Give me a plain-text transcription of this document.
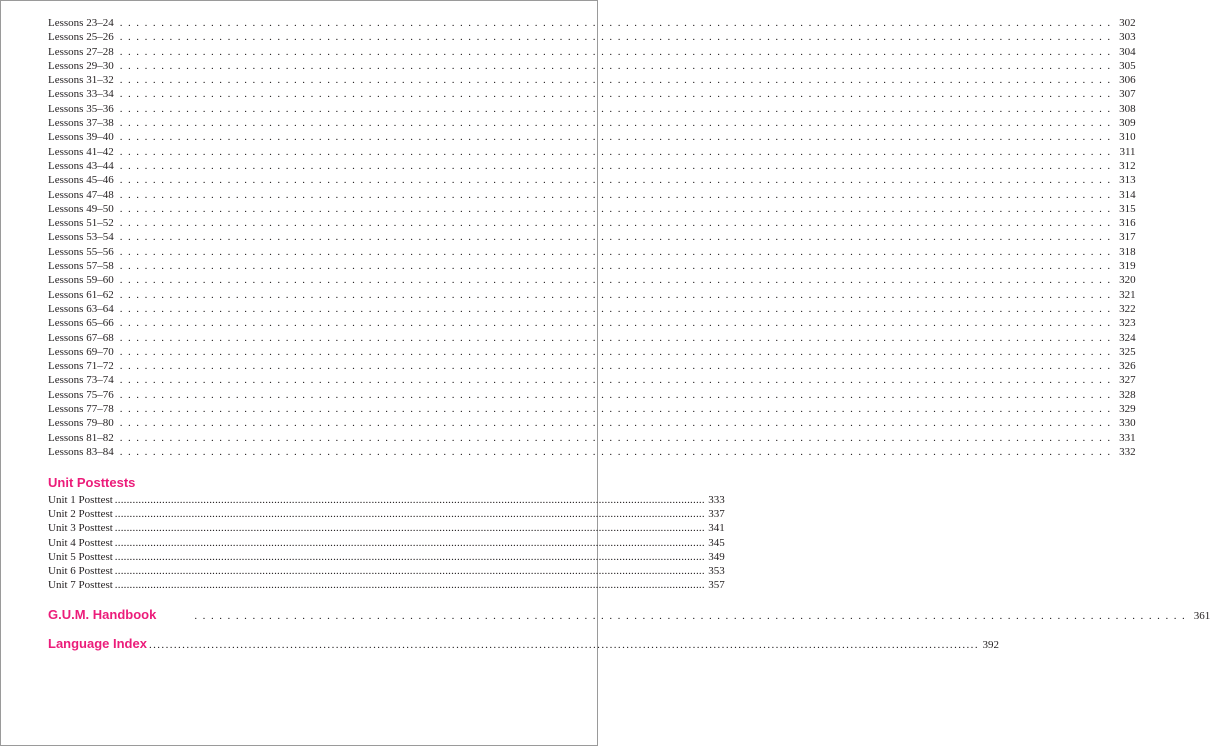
Lessons 23–24 . . . . . . . . . . . . . . . . . . . . . . . . . . . . . . . . . . . . . . . . . . . . . . . . . . . . . . . . . . . . . . . . . . . . . . . . . . . . . . . . . . . . . . . . . . . . . . . . . . . . . . . . . . . . . . . . . . . . . . . . 302
Lessons 25–26 . . . . . . . . . . . . . . . . . . . . . . . . . . . . . . . . . . . . . . . . . . . . . . . . . . . . . . . . . . . . . . . . . . . . . . . . . . . . . . . . . . . . . . . . . . . . . . . . . . . . . . . . . . . . . . . . . . . . . . . . 303
Lessons 27–28 . . . . . . . . . . . . . . . . . . . . . . . . . . . . . . . . . . . . . . . . . . . . . . . . . . . . . . . . . . . . . . . . . . . . . . . . . . . . . . . . . . . . . . . . . . . . . . . . . . . . . . . . . . . . . . . . . . . . . . . . 304
Lessons 29–30 . . . . . . . . . . . . . . . . . . . . . . . . . . . . . . . . . . . . . . . . . . . . . . . . . . . . . . . . . . . . . . . . . . . . . . . . . . . . . . . . . . . . . . . . . . . . . . . . . . . . . . . . . . . . . . . . . . . . . . . . 305
Lessons 31–32 . . . . . . . . . . . . . . . . . . . . . . . . . . . . . . . . . . . . . . . . . . . . . . . . . . . . . . . . . . . . . . . . . . . . . . . . . . . . . . . . . . . . . . . . . . . . . . . . . . . . . . . . . . . . . . . . . . . . . . . . 306
Lessons 33–34 . . . . . . . . . . . . . . . . . . . . . . . . . . . . . . . . . . . . . . . . . . . . . . . . . . . . . . . . . . . . . . . . . . . . . . . . . . . . . . . . . . . . . . . . . . . . . . . . . . . . . . . . . . . . . . . . . . . . . . . . 307
Lessons 35–36 . . . . . . . . . . . . . . . . . . . . . . . . . . . . . . . . . . . . . . . . . . . . . . . . . . . . . . . . . . . . . . . . . . . . . . . . . . . . . . . . . . . . . . . . . . . . . . . . . . . . . . . . . . . . . . . . . . . . . . . . 308
Lessons 37–38 . . . . . . . . . . . . . . . . . . . . . . . . . . . . . . . . . . . . . . . . . . . . . . . . . . . . . . . . . . . . . . . . . . . . . . . . . . . . . . . . . . . . . . . . . . . . . . . . . . . . . . . . . . . . . . . . . . . . . . . . 309
Lessons 39–40 . . . . . . . . . . . . . . . . . . . . . . . . . . . . . . . . . . . . . . . . . . . . . . . . . . . . . . . . . . . . . . . . . . . . . . . . . . . . . . . . . . . . . . . . . . . . . . . . . . . . . . . . . . . . . . . . . . . . . . . . 310
Lessons 41–42 . . . . . . . . . . . . . . . . . . . . . . . . . . . . . . . . . . . . . . . . . . . . . . . . . . . . . . . . . . . . . . . . . . . . . . . . . . . . . . . . . . . . . . . . . . . . . . . . . . . . . . . . . . . . . . . . . . . . . . . . 311
Lessons 43–44 . . . . . . . . . . . . . . . . . . . . . . . . . . . . . . . . . . . . . . . . . . . . . . . . . . . . . . . . . . . . . . . . . . . . . . . . . . . . . . . . . . . . . . . . . . . . . . . . . . . . . . . . . . . . . . . . . . . . . . . . 312
Lessons 45–46 . . . . . . . . . . . . . . . . . . . . . . . . . . . . . . . . . . . . . . . . . . . . . . . . . . . . . . . . . . . . . . . . . . . . . . . . . . . . . . . . . . . . . . . . . . . . . . . . . . . . . . . . . . . . . . . . . . . . . . . . 313
Lessons 47–48 . . . . . . . . . . . . . . . . . . . . . . . . . . . . . . . . . . . . . . . . . . . . . . . . . . . . . . . . . . . . . . . . . . . . . . . . . . . . . . . . . . . . . . . . . . . . . . . . . . . . . . . . . . . . . . . . . . . . . . . . 314
Lessons 49–50 . . . . . . . . . . . . . . . . . . . . . . . . . . . . . . . . . . . . . . . . . . . . . . . . . . . . . . . . . . . . . . . . . . . . . . . . . . . . . . . . . . . . . . . . . . . . . . . . . . . . . . . . . . . . . . . . . . . . . . . . 315
Lessons 51–52 . . . . . . . . . . . . . . . . . . . . . . . . . . . . . . . . . . . . . . . . . . . . . . . . . . . . . . . . . . . . . . . . . . . . . . . . . . . . . . . . . . . . . . . . . . . . . . . . . . . . . . . . . . . . . . . . . . . . . . . . 316
Lessons 53–54 . . . . . . . . . . . . . . . . . . . . . . . . . . . . . . . . . . . . . . . . . . . . . . . . . . . . . . . . . . . . . . . . . . . . . . . . . . . . . . . . . . . . . . . . . . . . . . . . . . . . . . . . . . . . . . . . . . . . . . . . 317
Lessons 55–56 . . . . . . . . . . . . . . . . . . . . . . . . . . . . . . . . . . . . . . . . . . . . . . . . . . . . . . . . . . . . . . . . . . . . . . . . . . . . . . . . . . . . . . . . . . . . . . . . . . . . . . . . . . . . . . . . . . . . . . . . 318
Lessons 57–58 . . . . . . . . . . . . . . . . . . . . . . . . . . . . . . . . . . . . . . . . . . . . . . . . . . . . . . . . . . . . . . . . . . . . . . . . . . . . . . . . . . . . . . . . . . . . . . . . . . . . . . . . . . . . . . . . . . . . . . . . 319
Lessons 59–60 . . . . . . . . . . . . . . . . . . . . . . . . . . . . . . . . . . . . . . . . . . . . . . . . . . . . . . . . . . . . . . . . . . . . . . . . . . . . . . . . . . . . . . . . . . . . . . . . . . . . . . . . . . . . . . . . . . . . . . . . 320
Lessons 61–62 . . . . . . . . . . . . . . . . . . . . . . . . . . . . . . . . . . . . . . . . . . . . . . . . . . . . . . . . . . . . . . . . . . . . . . . . . . . . . . . . . . . . . . . . . . . . . . . . . . . . . . . . . . . . . . . . . . . . . . . . 321
Lessons 63–64 . . . . . . . . . . . . . . . . . . . . . . . . . . . . . . . . . . . . . . . . . . . . . . . . . . . . . . . . . . . . . . . . . . . . . . . . . . . . . . . . . . . . . . . . . . . . . . . . . . . . . . . . . . . . . . . . . . . . . . . . 322
Lessons 65–66 . . . . . . . . . . . . . . . . . . . . . . . . . . . . . . . . . . . . . . . . . . . . . . . . . . . . . . . . . . . . . . . . . . . . . . . . . . . . . . . . . . . . . . . . . . . . . . . . . . . . . . . . . . . . . . . . . . . . . . . . 323
Lessons 67–68 . . . . . . . . . . . . . . . . . . . . . . . . . . . . . . . . . . . . . . . . . . . . . . . . . . . . . . . . . . . . . . . . . . . . . . . . . . . . . . . . . . . . . . . . . . . . . . . . . . . . . . . . . . . . . . . . . . . . . . . . 324
Lessons 69–70 . . . . . . . . . . . . . . . . . . . . . . . . . . . . . . . . . . . . . . . . . . . . . . . . . . . . . . . . . . . . . . . . . . . . . . . . . . . . . . . . . . . . . . . . . . . . . . . . . . . . . . . . . . . . . . . . . . . . . . . . 325
Lessons 71–72 . . . . . . . . . . . . . . . . . . . . . . . . . . . . . . . . . . . . . . . . . . . . . . . . . . . . . . . . . . . . . . . . . . . . . . . . . . . . . . . . . . . . . . . . . . . . . . . . . . . . . . . . . . . . . . . . . . . . . . . . 326
Lessons 73–74 . . . . . . . . . . . . . . . . . . . . . . . . . . . . . . . . . . . . . . . . . . . . . . . . . . . . . . . . . . . . . . . . . . . . . . . . . . . . . . . . . . . . . . . . . . . . . . . . . . . . . . . . . . . . . . . . . . . . . . . . 327
Lessons 75–76 . . . . . . . . . . . . . . . . . . . . . . . . . . . . . . . . . . . . . . . . . . . . . . . . . . . . . . . . . . . . . . . . . . . . . . . . . . . . . . . . . . . . . . . . . . . . . . . . . . . . . . . . . . . . . . . . . . . . . . . . 328
Lessons 77–78 . . . . . . . . . . . . . . . . . . . . . . . . . . . . . . . . . . . . . . . . . . . . . . . . . . . . . . . . . . . . . . . . . . . . . . . . . . . . . . . . . . . . . . . . . . . . . . . . . . . . . . . . . . . . . . . . . . . . . . . . 329
Lessons 79–80 . . . . . . . . . . . . . . . . . . . . . . . . . . . . . . . . . . . . . . . . . . . . . . . . . . . . . . . . . . . . . . . . . . . . . . . . . . . . . . . . . . . . . . . . . . . . . . . . . . . . . . . . . . . . . . . . . . . . . . . . 330
Lessons 81–82 . . . . . . . . . . . . . . . . . . . . . . . . . . . . . . . . . . . . . . . . . . . . . . . . . . . . . . . . . . . . . . . . . . . . . . . . . . . . . . . . . . . . . . . . . . . . . . . . . . . . . . . . . . . . . . . . . . . . . . . . 331
Lessons 83–84 . . . . . . . . . . . . . . . . . . . . . . . . . . . . . . . . . . . . . . . . . . . . . . . . . . . . . . . . . . . . . . . . . . . . . . . . . . . . . . . . . . . . . . . . . . . . . . . . . . . . . . . . . . . . . . . . . . . . . . . . 332
Unit Posttests
Unit 1 Posttest ........................................................................................................................................................................................................ 333
Unit 2 Posttest ........................................................................................................................................................................................................ 337
Unit 3 Posttest ........................................................................................................................................................................................................ 341
Unit 4 Posttest ........................................................................................................................................................................................................ 345
Unit 5 Posttest ........................................................................................................................................................................................................ 349
Unit 6 Posttest ........................................................................................................................................................................................................ 353
Unit 7 Posttest ........................................................................................................................................................................................................ 357
G.U.M. Handbook	. . . . . . . . . . . . . . . . . . . . . . . . . . . . . . . . . . . . . . . . . . . . . . . . . . . . . . . . . . . . . . . . . . . . . . . . . . . . . . . . . . . . . . . . . . . . . . . . . . . . . . . . . . . . . . . . . . . . . . . . 361
Language Index ........................................................................................................................................................................................................ 392
